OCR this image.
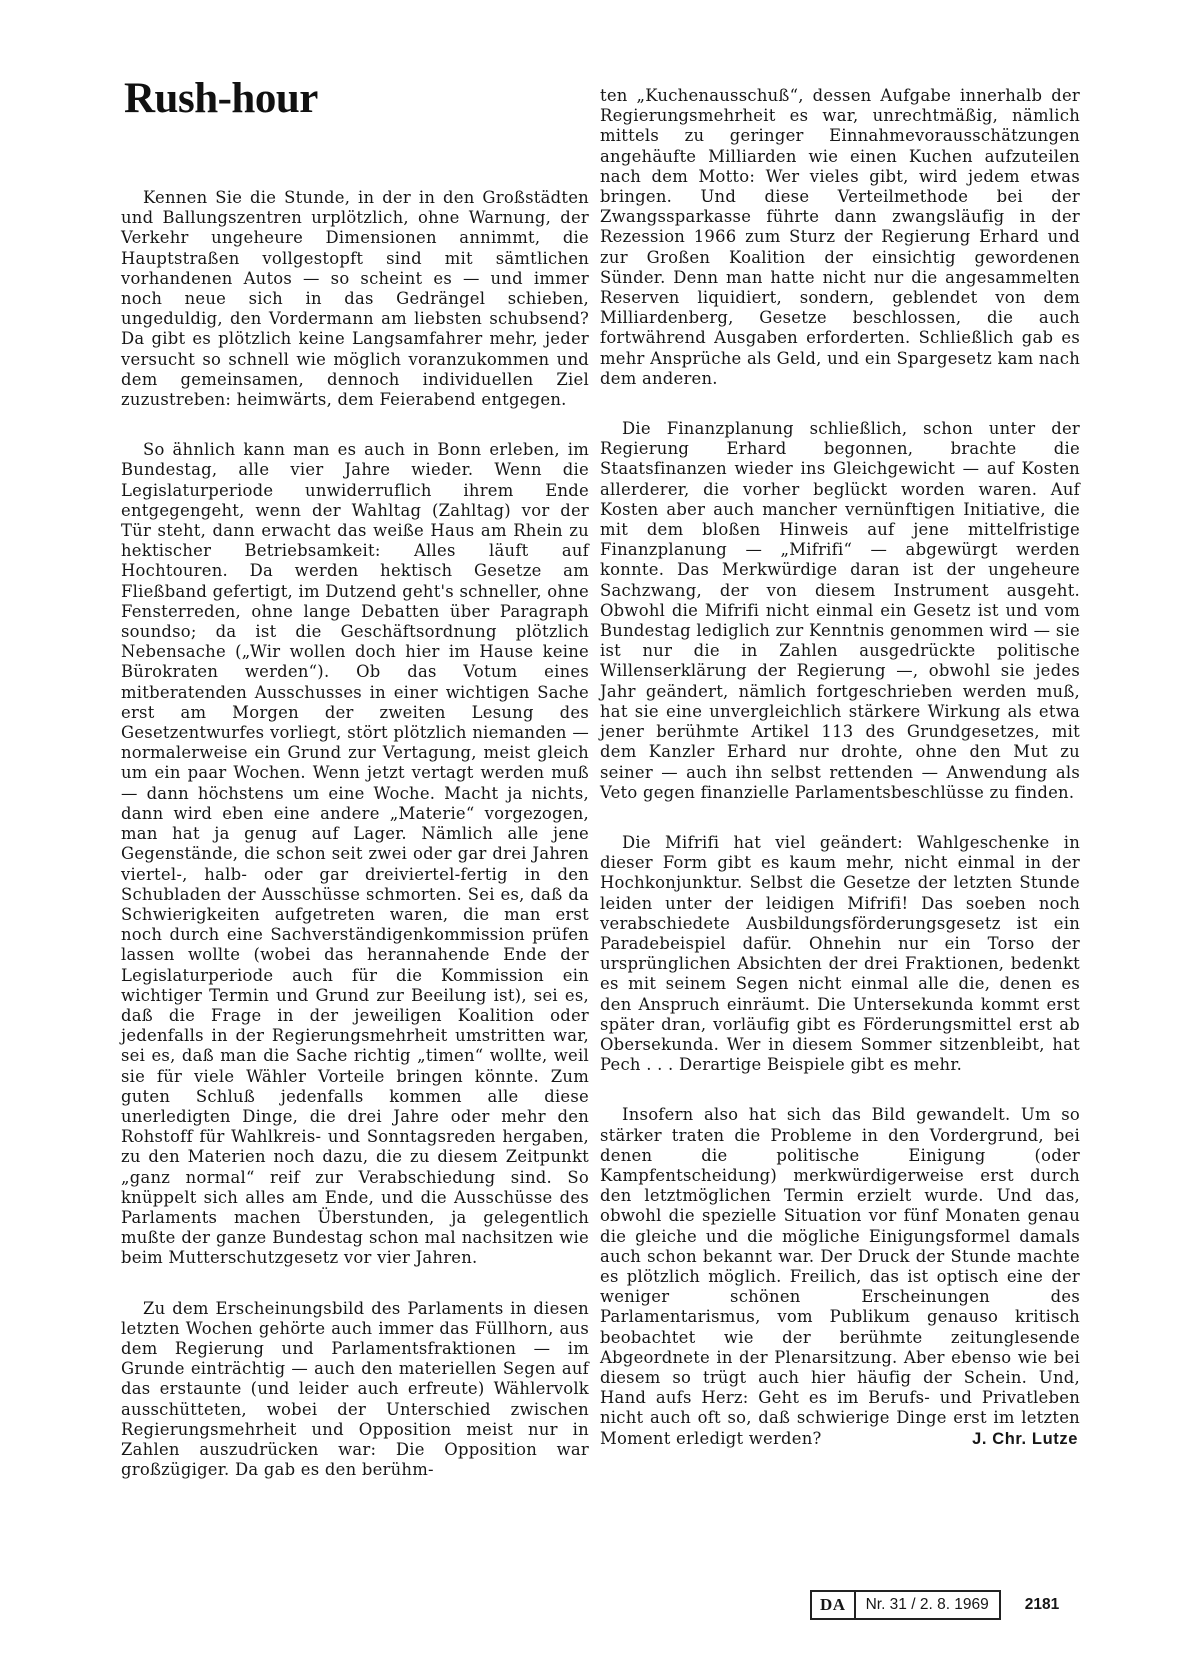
Rush-hour

Kennen Sie die Stunde, in der in den Großstädten und Ballungszentren urplötzlich, ohne Warnung, der Verkehr ungeheure Dimensionen annimmt, die Hauptstraßen vollgestopft sind mit sämtlichen vorhandenen Autos — so scheint es — und immer noch neue sich in das Gedrängel schieben, ungeduldig, den Vordermann am liebsten schubsend? Da gibt es plötzlich keine Langsamfahrer mehr, jeder versucht so schnell wie möglich voranzukommen und dem gemeinsamen, dennoch individuellen Ziel zuzustreben: heimwärts, dem Feierabend entgegen.

So ähnlich kann man es auch in Bonn erleben, im Bundestag, alle vier Jahre wieder. Wenn die Legislaturperiode unwiderruflich ihrem Ende entgegengeht, wenn der Wahltag (Zahltag) vor der Tür steht, dann erwacht das weiße Haus am Rhein zu hektischer Betriebsamkeit: Alles läuft auf Hochtouren. Da werden hektisch Gesetze am Fließband gefertigt, im Dutzend geht's schneller, ohne Fensterreden, ohne lange Debatten über Paragraph soundso; da ist die Geschäftsordnung plötzlich Nebensache („Wir wollen doch hier im Hause keine Bürokraten werden“). Ob das Votum eines mitberatenden Ausschusses in einer wichtigen Sache erst am Morgen der zweiten Lesung des Gesetzentwurfes vorliegt, stört plötzlich niemanden — normalerweise ein Grund zur Vertagung, meist gleich um ein paar Wochen. Wenn jetzt vertagt werden muß — dann höchstens um eine Woche. Macht ja nichts, dann wird eben eine andere „Materie“ vorgezogen, man hat ja genug auf Lager. Nämlich alle jene Gegenstände, die schon seit zwei oder gar drei Jahren viertel-, halb- oder gar dreiviertel-fertig in den Schubladen der Ausschüsse schmorten. Sei es, daß da Schwierigkeiten aufgetreten waren, die man erst noch durch eine Sachverständigenkommission prüfen lassen wollte (wobei das herannahende Ende der Legislaturperiode auch für die Kommission ein wichtiger Termin und Grund zur Beeilung ist), sei es, daß die Frage in der jeweiligen Koalition oder jedenfalls in der Regierungsmehrheit umstritten war, sei es, daß man die Sache richtig „timen“ wollte, weil sie für viele Wähler Vorteile bringen könnte. Zum guten Schluß jedenfalls kommen alle diese unerledigten Dinge, die drei Jahre oder mehr den Rohstoff für Wahlkreis- und Sonntagsreden hergaben, zu den Materien noch dazu, die zu diesem Zeitpunkt „ganz normal“ reif zur Verabschiedung sind. So knüppelt sich alles am Ende, und die Ausschüsse des Parlaments machen Überstunden, ja gelegentlich mußte der ganze Bundestag schon mal nachsitzen wie beim Mutterschutzgesetz vor vier Jahren.

Zu dem Erscheinungsbild des Parlaments in diesen letzten Wochen gehörte auch immer das Füllhorn, aus dem Regierung und Parlamentsfraktionen — im Grunde einträchtig — auch den materiellen Segen auf das erstaunte (und leider auch erfreute) Wählervolk ausschütteten, wobei der Unterschied zwischen Regierungsmehrheit und Opposition meist nur in Zahlen auszudrücken war: Die Opposition war großzügiger. Da gab es den berühm-

ten „Kuchenausschuß“, dessen Aufgabe innerhalb der Regierungsmehrheit es war, unrechtmäßig, nämlich mittels zu geringer Einnahmevorausschätzungen angehäufte Milliarden wie einen Kuchen aufzuteilen nach dem Motto: Wer vieles gibt, wird jedem etwas bringen. Und diese Verteilmethode bei der Zwangssparkasse führte dann zwangsläufig in der Rezession 1966 zum Sturz der Regierung Erhard und zur Großen Koalition der einsichtig gewordenen Sünder. Denn man hatte nicht nur die angesammelten Reserven liquidiert, sondern, geblendet von dem Milliardenberg, Gesetze beschlossen, die auch fortwährend Ausgaben erforderten. Schließlich gab es mehr Ansprüche als Geld, und ein Spargesetz kam nach dem anderen.

Die Finanzplanung schließlich, schon unter der Regierung Erhard begonnen, brachte die Staatsfinanzen wieder ins Gleichgewicht — auf Kosten allerderer, die vorher beglückt worden waren. Auf Kosten aber auch mancher vernünftigen Initiative, die mit dem bloßen Hinweis auf jene mittelfristige Finanzplanung — „Mifrifi“ — abgewürgt werden konnte. Das Merkwürdige daran ist der ungeheure Sachzwang, der von diesem Instrument ausgeht. Obwohl die Mifrifi nicht einmal ein Gesetz ist und vom Bundestag lediglich zur Kenntnis genommen wird — sie ist nur die in Zahlen ausgedrückte politische Willenserklärung der Regierung —, obwohl sie jedes Jahr geändert, nämlich fortgeschrieben werden muß, hat sie eine unvergleichlich stärkere Wirkung als etwa jener berühmte Artikel 113 des Grundgesetzes, mit dem Kanzler Erhard nur drohte, ohne den Mut zu seiner — auch ihn selbst rettenden — Anwendung als Veto gegen finanzielle Parlamentsbeschlüsse zu finden.

Die Mifrifi hat viel geändert: Wahlgeschenke in dieser Form gibt es kaum mehr, nicht einmal in der Hochkonjunktur. Selbst die Gesetze der letzten Stunde leiden unter der leidigen Mifrifi! Das soeben noch verabschiedete Ausbildungsförderungsgesetz ist ein Paradebeispiel dafür. Ohnehin nur ein Torso der ursprünglichen Absichten der drei Fraktionen, bedenkt es mit seinem Segen nicht einmal alle die, denen es den Anspruch einräumt. Die Untersekunda kommt erst später dran, vorläufig gibt es Förderungsmittel erst ab Obersekunda. Wer in diesem Sommer sitzenbleibt, hat Pech . . . Derartige Beispiele gibt es mehr.

Insofern also hat sich das Bild gewandelt. Um so stärker traten die Probleme in den Vordergrund, bei denen die politische Einigung (oder Kampfentscheidung) merkwürdigerweise erst durch den letztmöglichen Termin erzielt wurde. Und das, obwohl die spezielle Situation vor fünf Monaten genau die gleiche und die mögliche Einigungsformel damals auch schon bekannt war. Der Druck der Stunde machte es plötzlich möglich. Freilich, das ist optisch eine der weniger schönen Erscheinungen des Parlamentarismus, vom Publikum genauso kritisch beobachtet wie der berühmte zeitunglesende Abgeordnete in der Plenarsitzung. Aber ebenso wie bei diesem so trügt auch hier häufig der Schein. Und, Hand aufs Herz: Geht es im Berufs- und Privatleben nicht auch oft so, daß schwierige Dinge erst im letzten Moment erledigt werden?	J. Chr. Lutze

DA	Nr. 31 / 2. 8. 1969	2181
